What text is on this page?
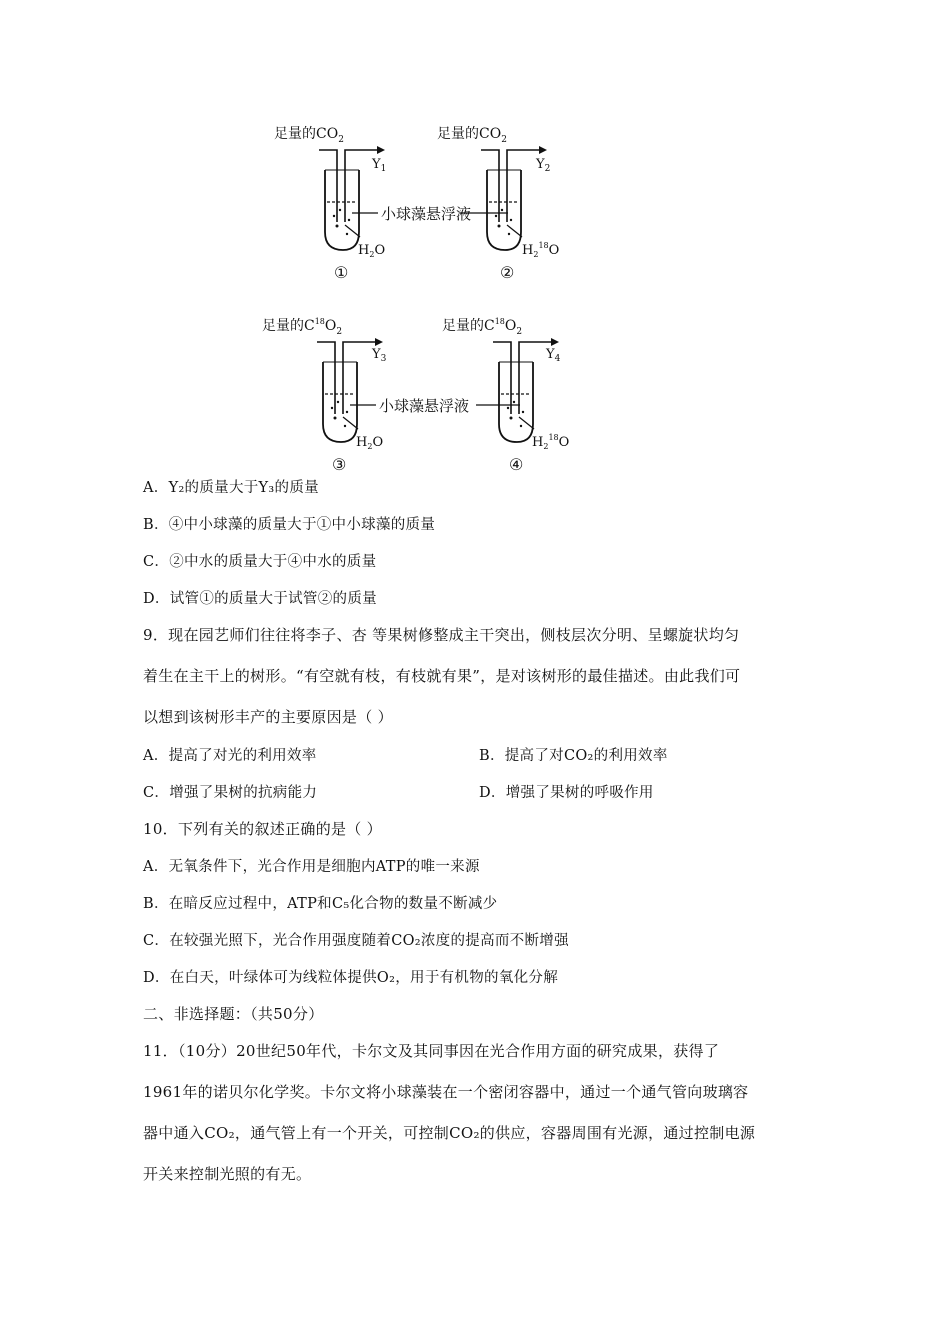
足量的$CO_2$
$Y_1$
$H_2O$
①
足量的$CO_2$
$Y_2$
$H_2^{18}O$
②
小球藻悬浮液
足量的$C^{18}O_2$
$Y_3$
$H_2O$
③
足量的$C^{18}O_2$
$Y_4$
$H_2^{18}O$
④
小球藻悬浮液
A．Y₂的质量大于Y₃的质量
B．④中小球藻的质量大于①中小球藻的质量
C．②中水的质量大于④中水的质量
D．试管①的质量大于试管②的质量
9．现在园艺师们往往将李子、杏 等果树修整成主干突出，侧枝层次分明、呈螺旋状均匀
着生在主干上的树形。“有空就有枝，有枝就有果”，是对该树形的最佳描述。由此我们可
以想到该树形丰产的主要原因是（ ）
A．提高了对光的利用效率	B．提高了对CO₂的利用效率
C．增强了果树的抗病能力	D．增强了果树的呼吸作用
10．下列有关的叙述正确的是（ ）
A．无氧条件下，光合作用是细胞内ATP的唯一来源
B．在暗反应过程中，ATP和C₅化合物的数量不断减少
C．在较强光照下，光合作用强度随着CO₂浓度的提高而不断增强
D．在白天，叶绿体可为线粒体提供O₂，用于有机物的氧化分解
二、非选择题：（共50分）
11．（10分）20世纪50年代，卡尔文及其同事因在光合作用方面的研究成果，获得了
1961年的诺贝尔化学奖。卡尔文将小球藻装在一个密闭容器中，通过一个通气管向玻璃容
器中通入CO₂，通气管上有一个开关，可控制CO₂的供应，容器周围有光源，通过控制电源
开关来控制光照的有无。
